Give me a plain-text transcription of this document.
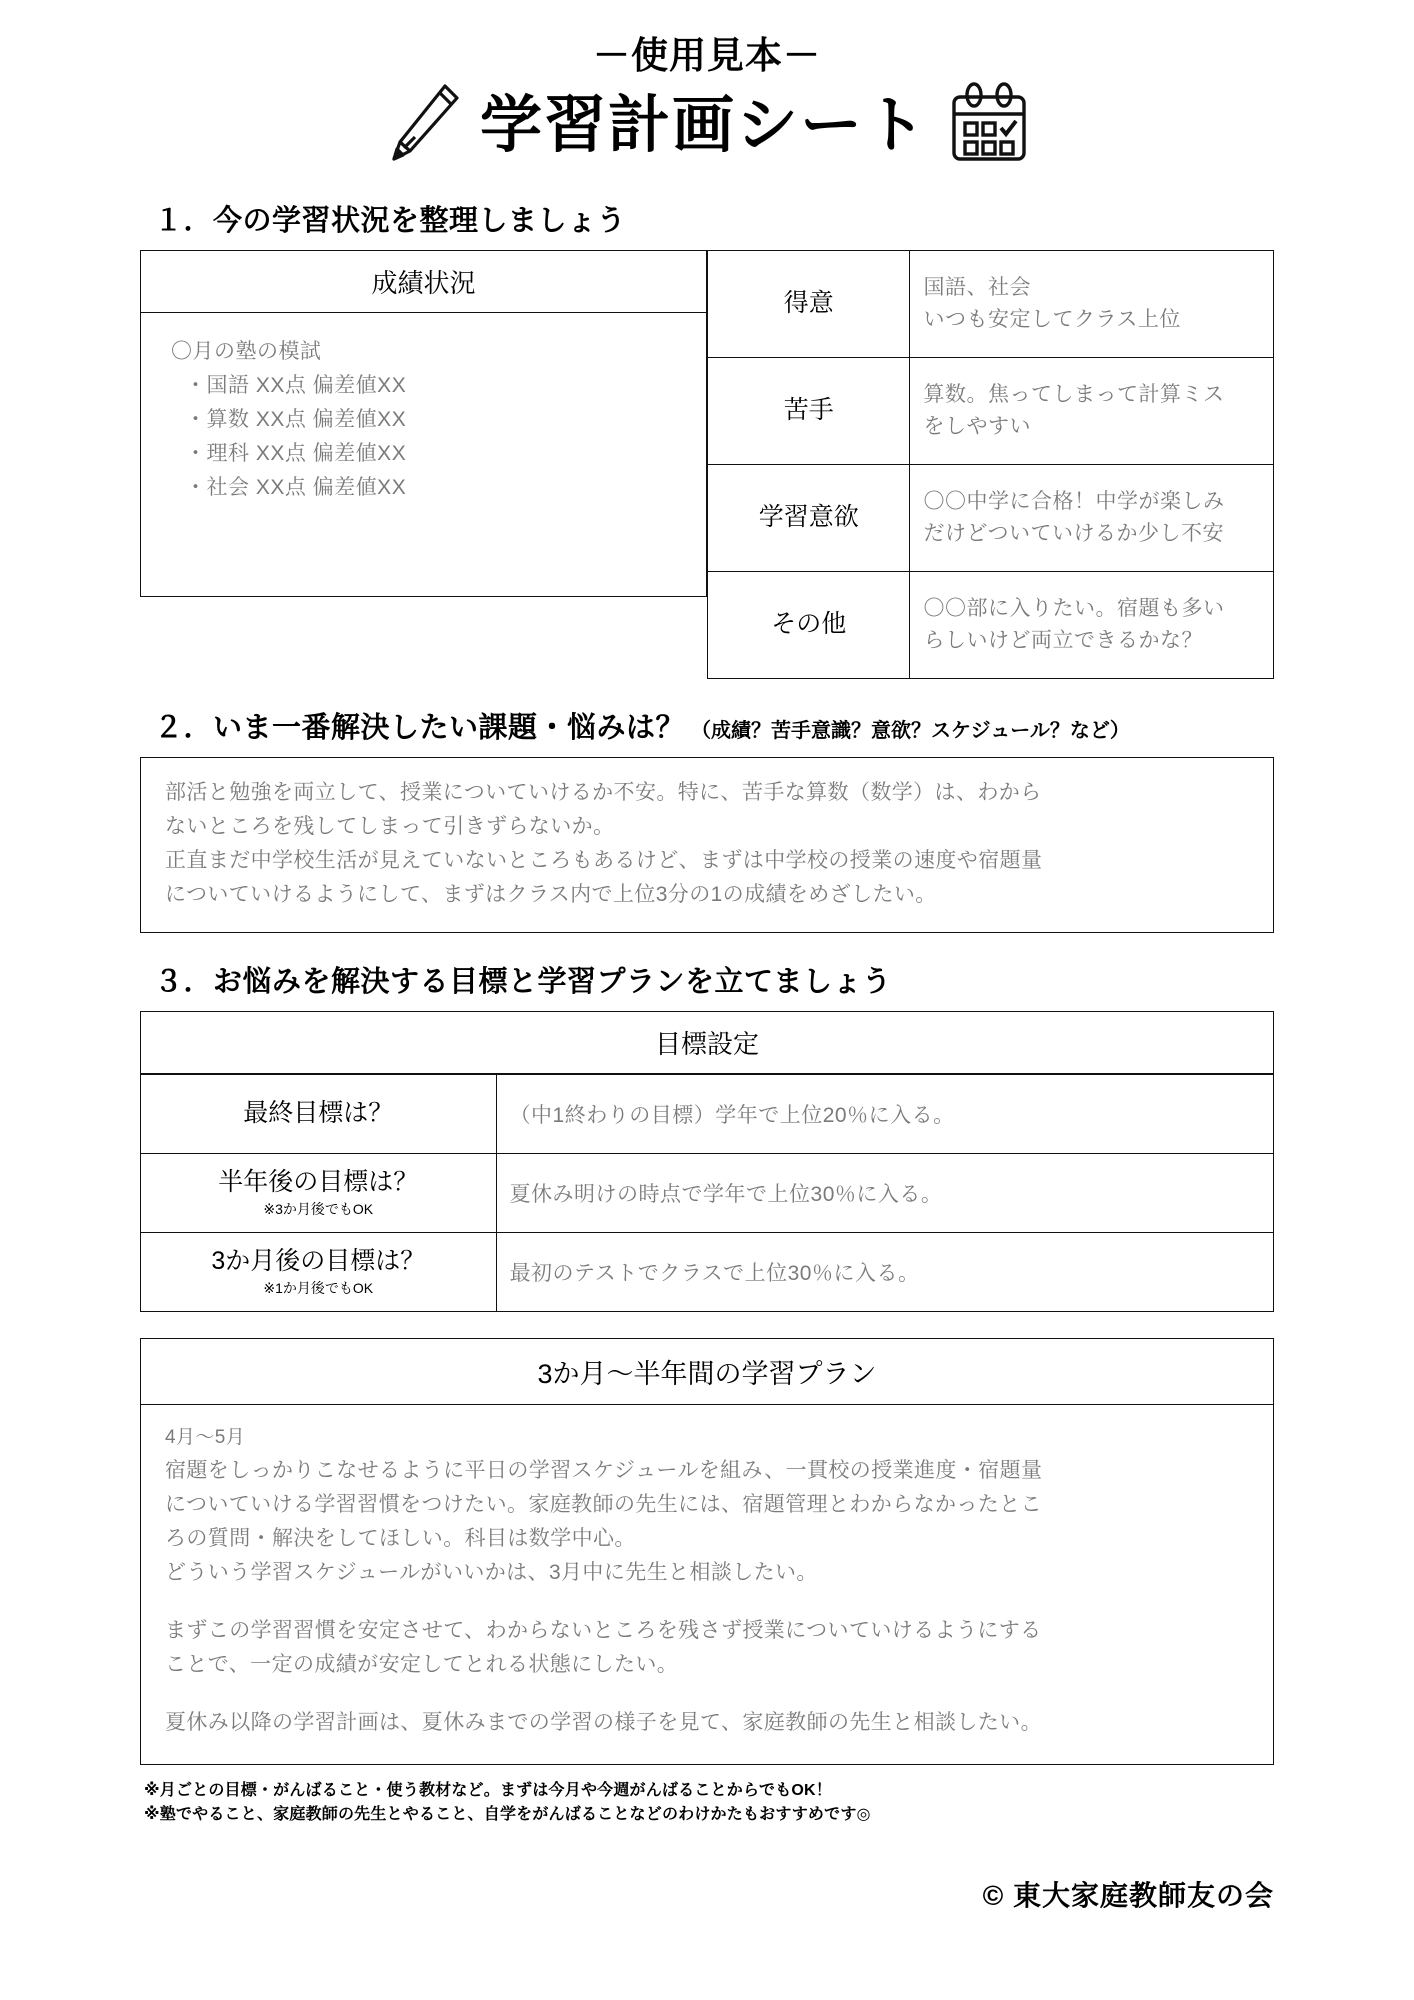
－使用見本－
学習計画シート
１．今の学習状況を整理しましょう
成績状況
〇月の塾の模試
・国語 XX点 偏差値XX
・算数 XX点 偏差値XX
・理科 XX点 偏差値XX
・社会 XX点 偏差値XX
得意	国語、社会
いつも安定してクラス上位
苦手	算数。焦ってしまって計算ミス
をしやすい
学習意欲	〇〇中学に合格！中学が楽しみ
だけどついていけるか少し不安
その他	〇〇部に入りたい。宿題も多い
らしいけど両立できるかな？
２．いま一番解決したい課題・悩みは？ （成績？苦手意識？意欲？スケジュール？など）

部活と勉強を両立して、授業についていけるか不安。特に、苦手な算数（数学）は、わから

ないところを残してしまって引きずらないか。

正直まだ中学校生活が見えていないところもあるけど、まずは中学校の授業の速度や宿題量

についていけるようにして、まずはクラス内で上位3分の1の成績をめざしたい。

３．お悩みを解決する目標と学習プランを立てましょう
目標設定
最終目標は？	（中1終わりの目標）学年で上位20％に入る。
半年後の目標は？
※3か月後でもOK	夏休み明けの時点で学年で上位30％に入る。
3か月後の目標は？
※1か月後でもOK	最初のテストでクラスで上位30％に入る。
3か月〜半年間の学習プラン

4月〜5月

宿題をしっかりこなせるように平日の学習スケジュールを組み、一貫校の授業進度・宿題量

についていける学習習慣をつけたい。家庭教師の先生には、宿題管理とわからなかったとこ

ろの質問・解決をしてほしい。科目は数学中心。

どういう学習スケジュールがいいかは、3月中に先生と相談したい。

まずこの学習習慣を安定させて、わからないところを残さず授業についていけるようにする

ことで、一定の成績が安定してとれる状態にしたい。

夏休み以降の学習計画は、夏休みまでの学習の様子を見て、家庭教師の先生と相談したい。

※月ごとの目標・がんばること・使う教材など。まずは今月や今週がんばることからでもOK！
※塾でやること、家庭教師の先生とやること、自学をがんばることなどのわけかたもおすすめです◎
© 東大家庭教師友の会
